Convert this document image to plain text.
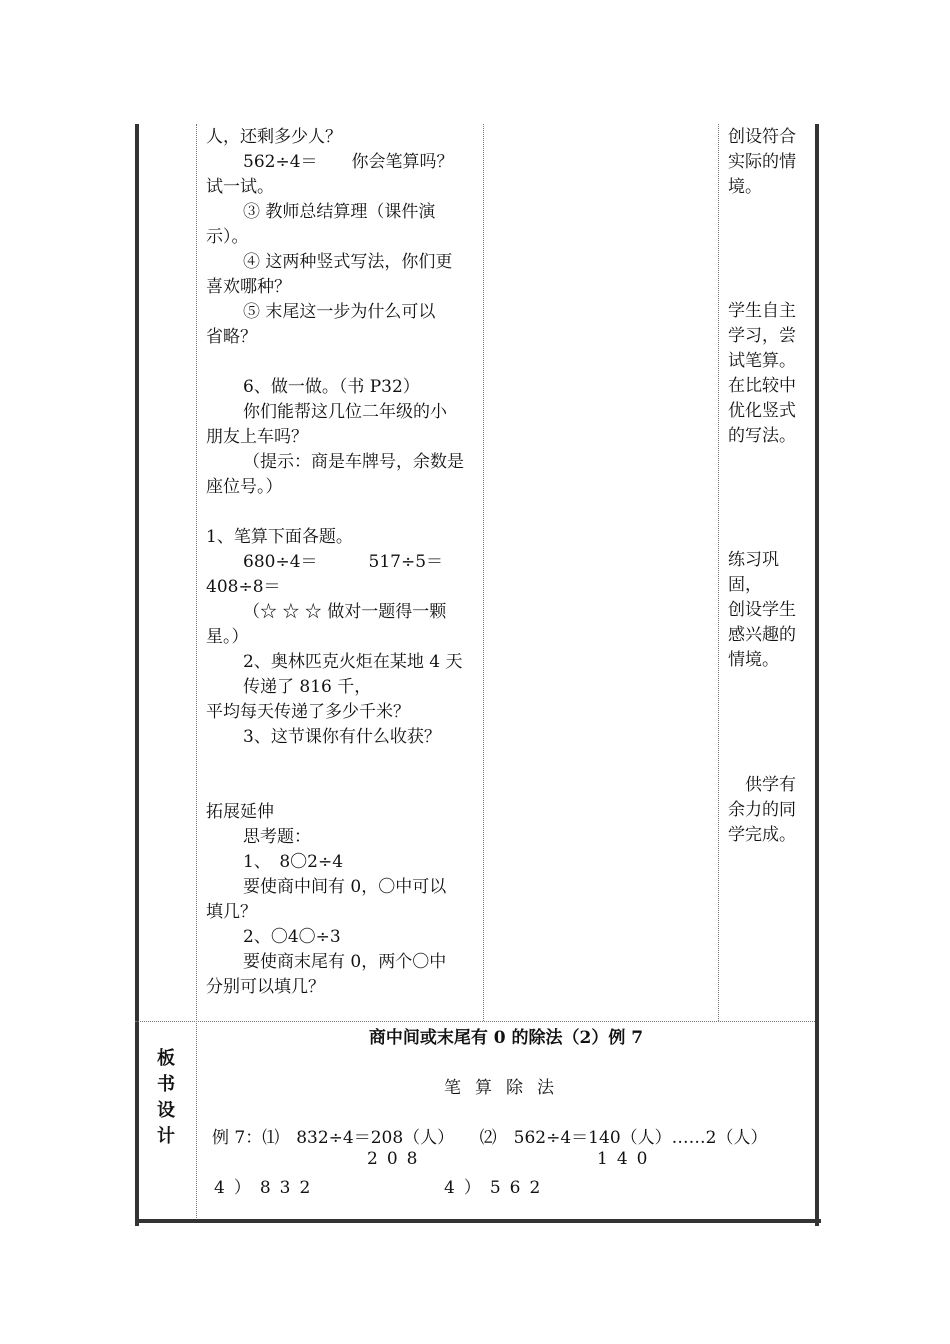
人，还剩多少人？

562÷4＝　　你会笔算吗？

试一试。

③ 教师总结算理（课件演

示）。

④ 这两种竖式写法，你们更

喜欢哪种？

⑤ 末尾这一步为什么可以

省略？

6、做一做。（书 P32）

你们能帮这几位二年级的小

朋友上车吗？

（提示：商是车牌号，余数是

座位号。）

1、笔算下面各题。

680÷4＝　　　517÷5＝

408÷8＝

（☆ ☆ ☆ 做对一题得一颗

星。）

2、奥林匹克火炬在某地 4 天

传递了 816 千，

平均每天传递了多少千米？

3、这节课你有什么收获？

拓展延伸

思考题：

1、　8〇2÷4

要使商中间有 0，〇中可以

填几？

2、〇4〇÷3

要使商末尾有 0，两个〇中

分别可以填几？

创设符合

实际的情

境。

学生自主

学习，尝

试笔算。

在比较中

优化竖式

的写法。

练习巩

固，

创设学生

感兴趣的

情境。

　供学有

余力的同

学完成。

板
书
设
计
商中间或末尾有 0 的除法（2）例 7
笔算除法
例 7：⑴　832÷4＝208（人）　　⑵　562÷4＝140（人）……2（人）
208
4）832
140
4）562
